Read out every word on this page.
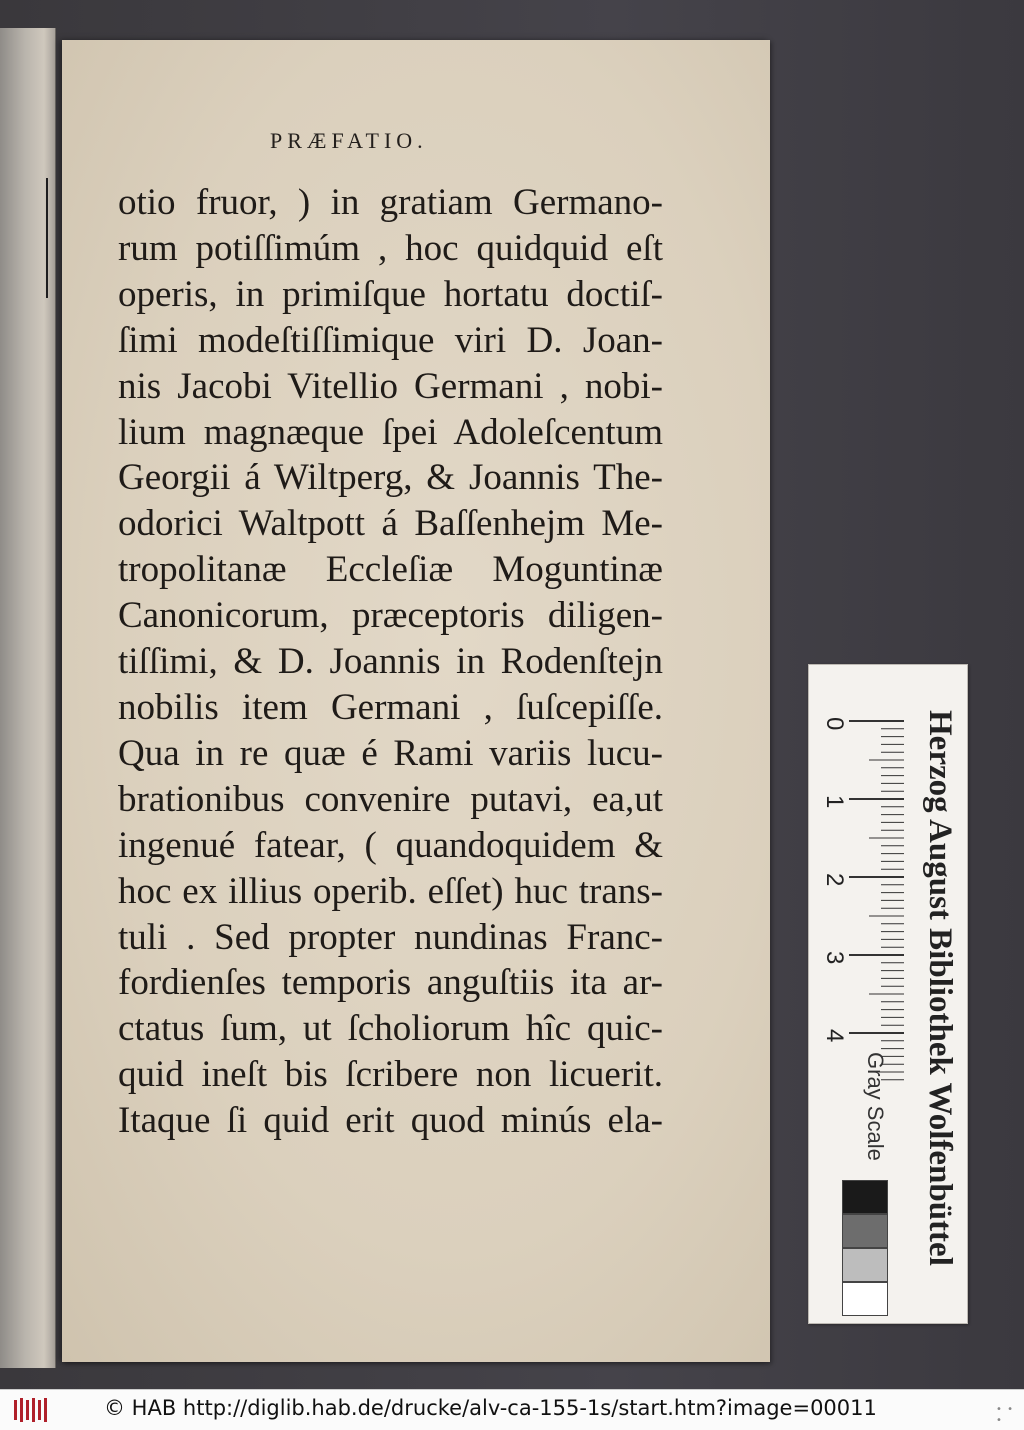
PRÆFATIO.
otio fruor, ) in gratiam Germano-
rum potiſſimúm , hoc quidquid eſt
operis, in primiſque hortatu doctiſ-
ſimi modeſtiſſimique viri D. Joan-
nis Jacobi Vitellio Germani , nobi-
lium magnæque ſpei Adoleſcentum
Georgii á Wiltperg, & Joannis The-
odorici Waltpott á Baſſenhejm Me-
tropolitanæ Eccleſiæ Moguntinæ
Canonicorum, præceptoris diligen-
tiſſimi, & D. Joannis in Rodenſtejn
nobilis item Germani , ſuſcepiſſe.
Qua in re quæ é Rami variis lucu-
brationibus convenire putavi, ea,ut
ingenué fatear, ( quandoquidem &
hoc ex illius operib. eſſet) huc trans-
tuli . Sed propter nundinas Franc-
fordienſes temporis anguſtiis ita ar-
ctatus ſum, ut ſcholiorum hîc quic-
quid ineſt bis ſcribere non licuerit.
Itaque ſi quid erit quod minús ela-
0
1
2
3
4 Herzog August Bibliothek Wolfenbüttel
Gray Scale
© HAB http://diglib.hab.de/drucke/alv-ca-155-1s/start.htm?image=00011	• • •
